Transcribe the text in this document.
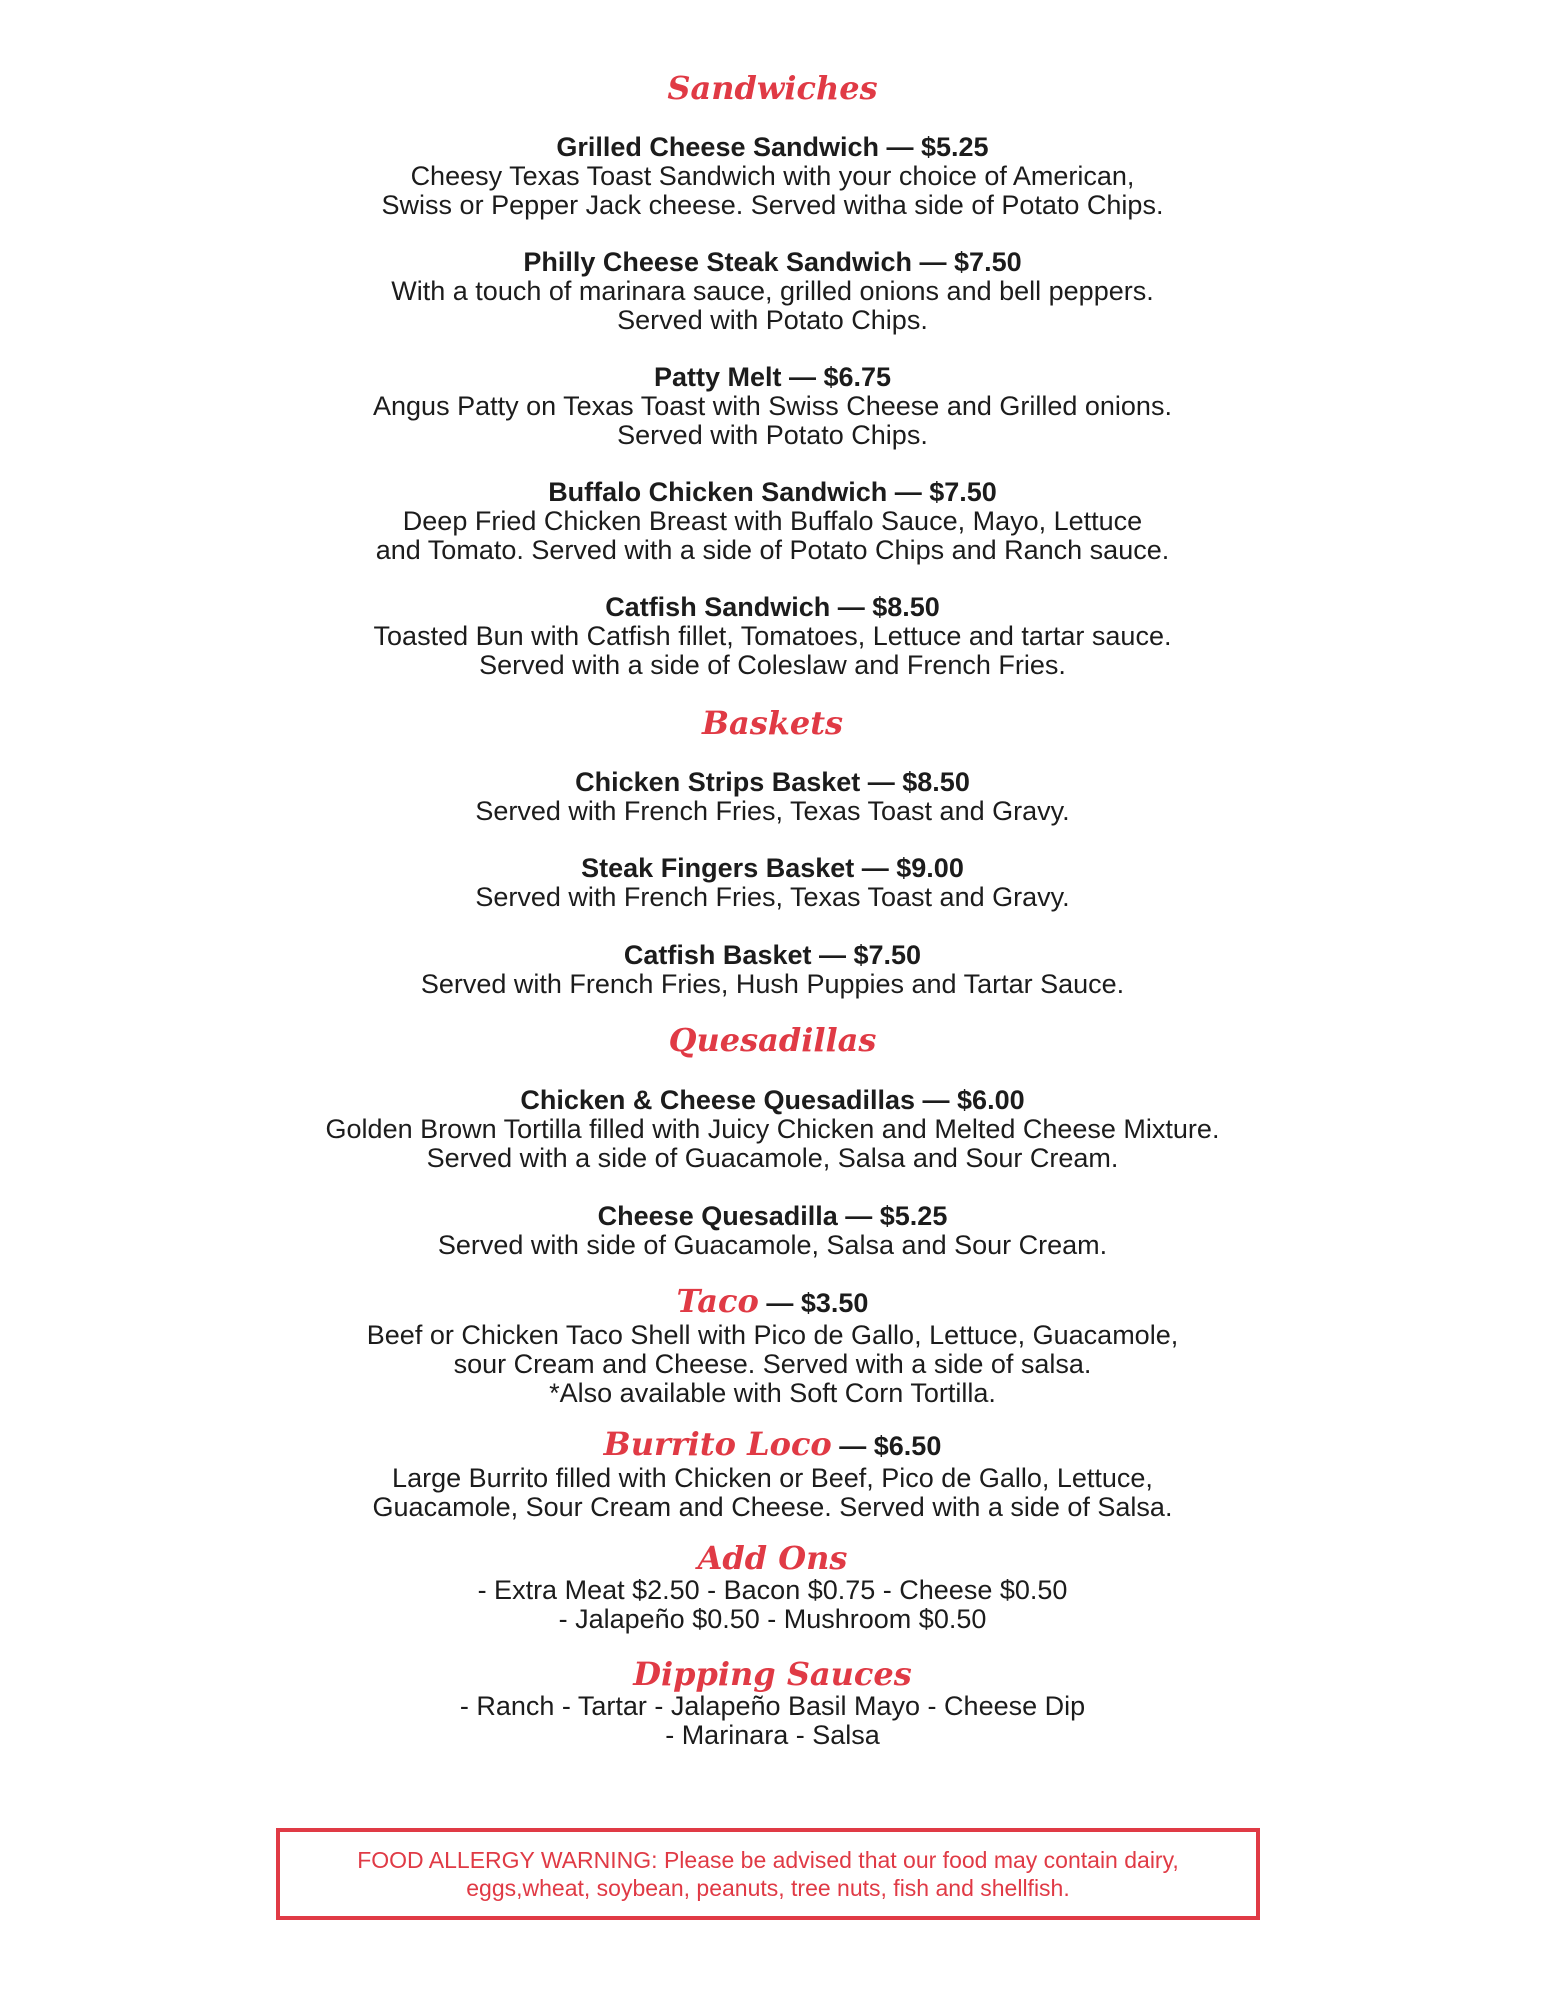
Sandwiches

Grilled Cheese Sandwich — $5.25

Cheesy Texas Toast Sandwich with your choice of American,

Swiss or Pepper Jack cheese. Served witha side of Potato Chips.

Philly Cheese Steak Sandwich — $7.50

With a touch of marinara sauce, grilled onions and bell peppers.

Served with Potato Chips.

Patty Melt — $6.75

Angus Patty on Texas Toast with Swiss Cheese and Grilled onions.

Served with Potato Chips.

Buffalo Chicken Sandwich — $7.50

Deep Fried Chicken Breast with Buffalo Sauce, Mayo, Lettuce

and Tomato. Served with a side of Potato Chips and Ranch sauce.

Catfish Sandwich — $8.50

Toasted Bun with Catfish fillet, Tomatoes, Lettuce and tartar sauce.

Served with a side of Coleslaw and French Fries.

Baskets

Chicken Strips Basket — $8.50

Served with French Fries, Texas Toast and Gravy.

Steak Fingers Basket — $9.00

Served with French Fries, Texas Toast and Gravy.

Catfish Basket — $7.50

Served with French Fries, Hush Puppies and Tartar Sauce.

Quesadillas

Chicken & Cheese Quesadillas — $6.00

Golden Brown Tortilla filled with Juicy Chicken and Melted Cheese Mixture.

Served with a side of Guacamole, Salsa and Sour Cream.

Cheese Quesadilla — $5.25

Served with side of Guacamole, Salsa and Sour Cream.

Taco — $3.50

Beef or Chicken Taco Shell with Pico de Gallo, Lettuce, Guacamole,

sour Cream and Cheese. Served with a side of salsa.

*Also available with Soft Corn Tortilla.

Burrito Loco — $6.50

Large Burrito filled with Chicken or Beef, Pico de Gallo, Lettuce,

Guacamole, Sour Cream and Cheese. Served with a side of Salsa.

Add Ons

- Extra Meat $2.50 - Bacon $0.75 - Cheese $0.50

- Jalapeño $0.50 - Mushroom $0.50

Dipping Sauces

- Ranch - Tartar - Jalapeño Basil Mayo - Cheese Dip

- Marinara - Salsa

FOOD ALLERGY WARNING: Please be advised that our food may contain dairy,
eggs,wheat, soybean, peanuts, tree nuts, fish and shellfish.
